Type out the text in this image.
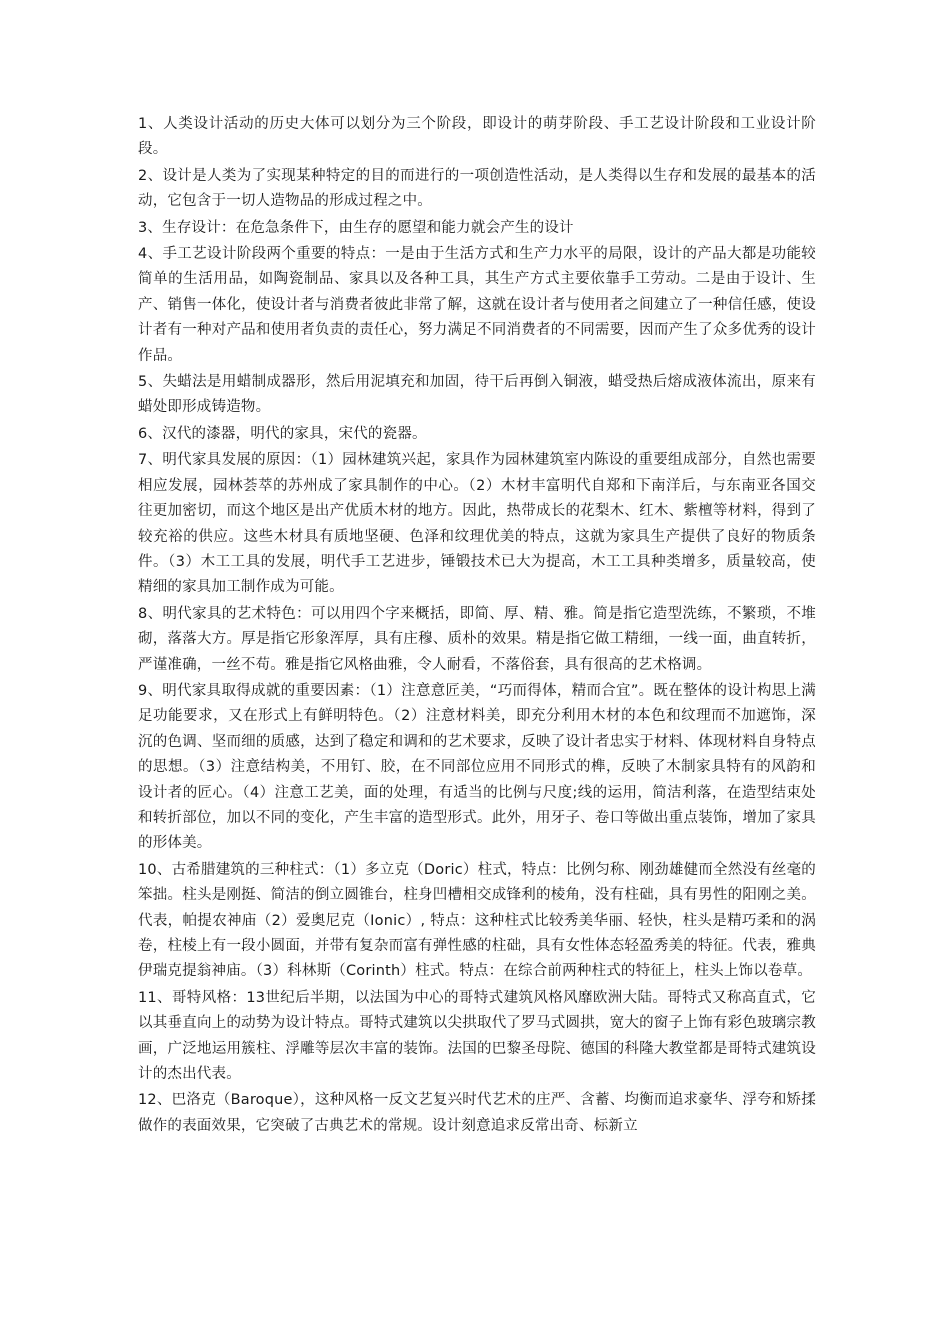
1、人类设计活动的历史大体可以划分为三个阶段，即设计的萌芽阶段、手工艺设计阶段和工业设计阶段。

2、设计是人类为了实现某种特定的目的而进行的一项创造性活动，是人类得以生存和发展的最基本的活动，它包含于一切人造物品的形成过程之中。

3、生存设计：在危急条件下，由生存的愿望和能力就会产生的设计

4、手工艺设计阶段两个重要的特点：一是由于生活方式和生产力水平的局限，设计的产品大都是功能较简单的生活用品，如陶瓷制品、家具以及各种工具，其生产方式主要依靠手工劳动。二是由于设计、生产、销售一体化，使设计者与消费者彼此非常了解，这就在设计者与使用者之间建立了一种信任感，使设计者有一种对产品和使用者负责的责任心，努力满足不同消费者的不同需要，因而产生了众多优秀的设计作品。

5、失蜡法是用蜡制成器形，然后用泥填充和加固，待干后再倒入铜液，蜡受热后熔成液体流出，原来有蜡处即形成铸造物。

6、汉代的漆器，明代的家具，宋代的瓷器。

7、明代家具发展的原因：（1）园林建筑兴起，家具作为园林建筑室内陈设的重要组成部分，自然也需要相应发展，园林荟萃的苏州成了家具制作的中心。（2）木材丰富明代自郑和下南洋后，与东南亚各国交往更加密切，而这个地区是出产优质木材的地方。因此，热带成长的花梨木、红木、紫檀等材料，得到了较充裕的供应。这些木材具有质地坚硬、色泽和纹理优美的特点，这就为家具生产提供了良好的物质条件。（3）木工工具的发展，明代手工艺进步，锤锻技术已大为提高，木工工具种类增多，质量较高，使精细的家具加工制作成为可能。

8、明代家具的艺术特色：可以用四个字来概括，即简、厚、精、雅。简是指它造型洗练，不繁琐，不堆砌，落落大方。厚是指它形象浑厚，具有庄穆、质朴的效果。精是指它做工精细，一线一面，曲直转折，严谨准确，一丝不苟。雅是指它风格曲雅，令人耐看，不落俗套，具有很高的艺术格调。

9、明代家具取得成就的重要因素：（1）注意意匠美，“巧而得体，精而合宜”。既在整体的设计构思上满足功能要求，又在形式上有鲜明特色。（2）注意材料美，即充分利用木材的本色和纹理而不加遮饰，深沉的色调、坚而细的质感，达到了稳定和调和的艺术要求，反映了设计者忠实于材料、体现材料自身特点的思想。（3）注意结构美，不用钉、胶，在不同部位应用不同形式的榫，反映了木制家具特有的风韵和设计者的匠心。（4）注意工艺美，面的处理，有适当的比例与尺度;线的运用，简洁利落，在造型结束处和转折部位，加以不同的变化，产生丰富的造型形式。此外，用牙子、卷口等做出重点装饰，增加了家具的形体美。

10、古希腊建筑的三种柱式：（1）多立克（Doric）柱式，特点：比例匀称、刚劲雄健而全然没有丝毫的笨拙。柱头是刚挺、简洁的倒立圆锥台，柱身凹槽相交成锋利的棱角，没有柱础，具有男性的阳刚之美。代表，帕提农神庙（2）爱奥尼克（Ionic）, 特点：这种柱式比较秀美华丽、轻快，柱头是精巧柔和的涡卷，柱棱上有一段小圆面，并带有复杂而富有弹性感的柱础，具有女性体态轻盈秀美的特征。代表，雅典伊瑞克提翁神庙。（3）科林斯（Corinth）柱式。特点：在综合前两种柱式的特征上，柱头上饰以卷草。

11、哥特风格：13世纪后半期，以法国为中心的哥特式建筑风格风靡欧洲大陆。哥特式又称高直式，它以其垂直向上的动势为设计特点。哥特式建筑以尖拱取代了罗马式圆拱，宽大的窗子上饰有彩色玻璃宗教画，广泛地运用簇柱、浮雕等层次丰富的装饰。法国的巴黎圣母院、德国的科隆大教堂都是哥特式建筑设计的杰出代表。

12、巴洛克（Baroque），这种风格一反文艺复兴时代艺术的庄严、含蓄、均衡而追求豪华、浮夸和矫揉做作的表面效果，它突破了古典艺术的常规。设计刻意追求反常出奇、标新立
